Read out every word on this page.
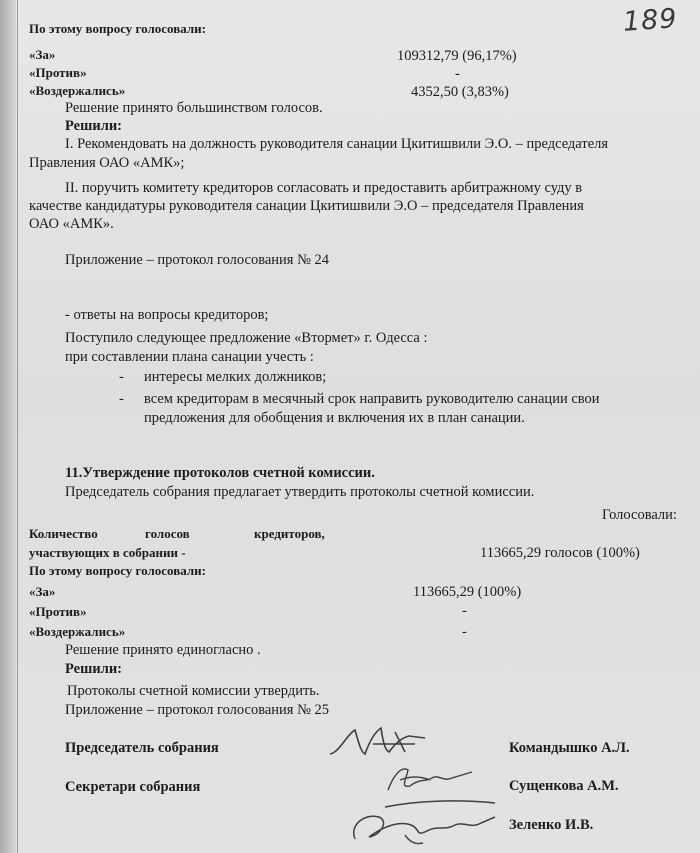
189
По этому вопросу голосовали:
«За»	109312,79 (96,17%)
«Против»	-
«Воздержались»	4352,50 (3,83%)
Решение принято большинством голосов.
Решили:
I. Рекомендовать на должность руководителя санации Цкитишвили Э.О. – председателя
Правления ОАО «АМК»;
II. поручить комитету кредиторов согласовать и предоставить арбитражному суду в
качестве кандидатуры руководителя санации Цкитишвили Э.О – председателя Правления
ОАО «АМК».
Приложение – протокол голосования № 24
- ответы на вопросы кредиторов;
Поступило следующее предложение «Втормет» г. Одесса :
при составлении плана санации учесть :
- интересы мелких должников;
- всем кредиторам в месячный срок направить руководителю санации свои
предложения для обобщения и включения их в план санации.
11.Утверждение протоколов счетной комиссии.
Председатель собрания предлагает утвердить протоколы счетной комиссии.
Голосовали:
Количество	голосов	кредиторов,
участвующих в собрании -	113665,29 голосов (100%)
По этому вопросу голосовали:
«За»	113665,29 (100%)
«Против»	-
«Воздержались»	-
Решение принято единогласно .
Решили:
Протоколы счетной комиссии утвердить.
Приложение – протокол голосования № 25
Председатель собрания	Командышко А.Л.
Секретари собрания	Сущенкова А.М.
Зеленко И.В.
